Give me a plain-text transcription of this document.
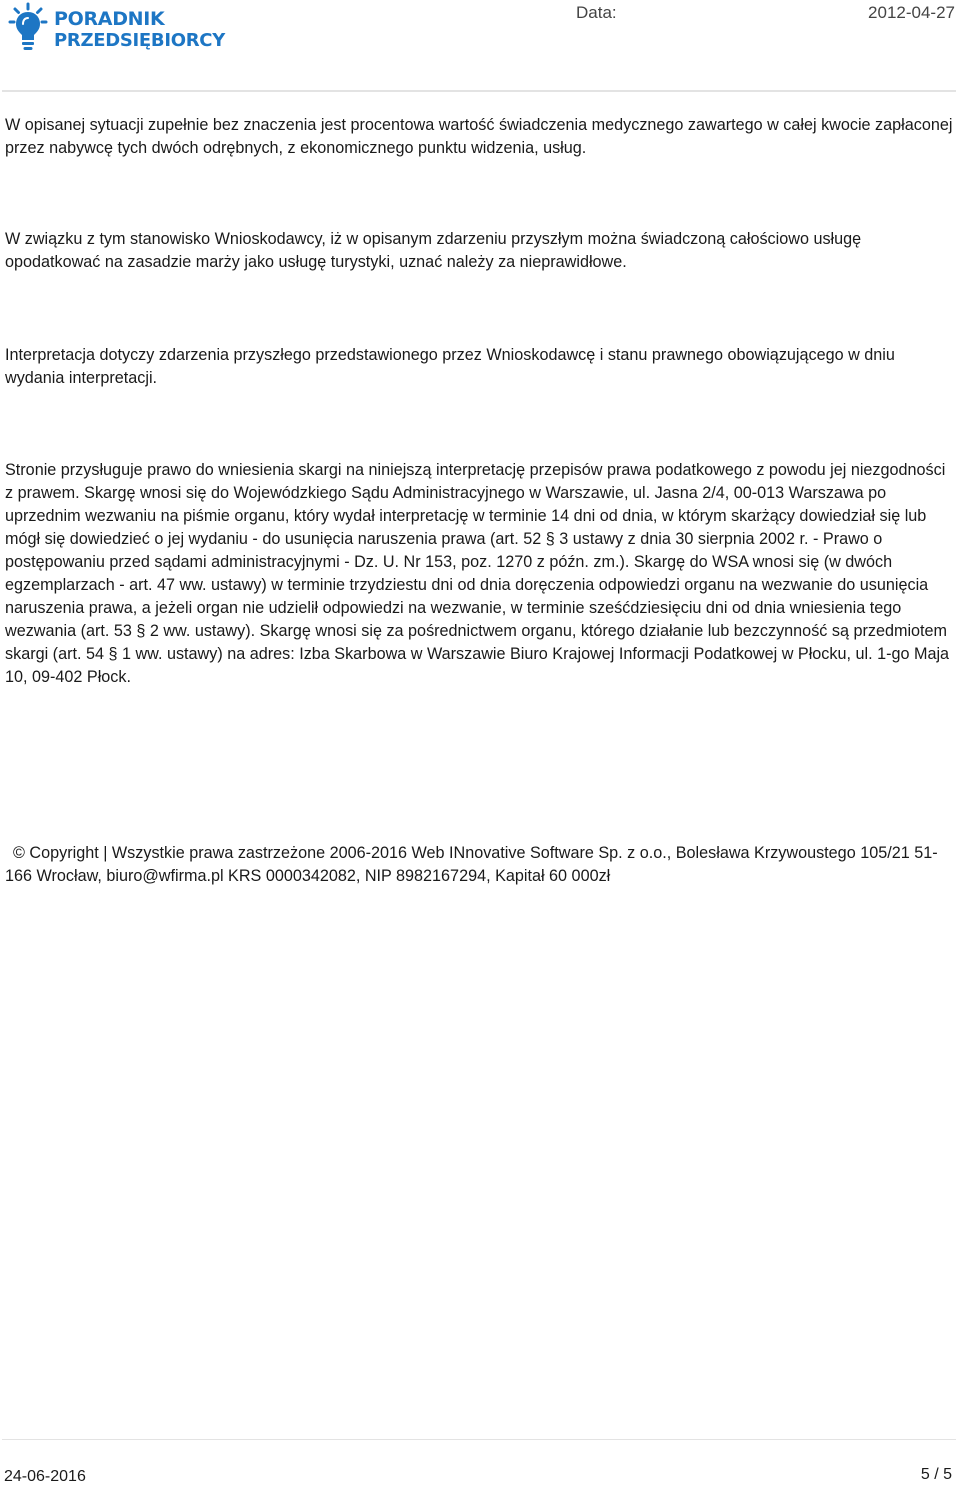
PORADNIK
PRZEDSIĘBIORCY
Data:	2012-04-27

W opisanej sytuacji zupełnie bez znaczenia jest procentowa wartość świadczenia medycznego zawartego w całej kwocie zapłaconej przez nabywcę tych dwóch odrębnych, z ekonomicznego punktu widzenia, usług.

W związku z tym stanowisko Wnioskodawcy, iż w opisanym zdarzeniu przyszłym można świadczoną całościowo usługę opodatkować na zasadzie marży jako usługę turystyki, uznać należy za nieprawidłowe.

Interpretacja dotyczy zdarzenia przyszłego przedstawionego przez Wnioskodawcę i stanu prawnego obowiązującego w dniu wydania interpretacji.

Stronie przysługuje prawo do wniesienia skargi na niniejszą interpretację przepisów prawa podatkowego z powodu jej niezgodności z prawem. Skargę wnosi się do Wojewódzkiego Sądu Administracyjnego w Warszawie, ul. Jasna 2/4, 00-013 Warszawa po uprzednim wezwaniu na piśmie organu, który wydał interpretację w terminie 14 dni od dnia, w którym skarżący dowiedział się lub mógł się dowiedzieć o jej wydaniu - do usunięcia naruszenia prawa (art. 52 § 3 ustawy z dnia 30 sierpnia 2002 r. - Prawo o postępowaniu przed sądami administracyjnymi - Dz. U. Nr 153, poz. 1270 z późn. zm.). Skargę do WSA wnosi się (w dwóch egzemplarzach - art. 47 ww. ustawy) w terminie trzydziestu dni od dnia doręczenia odpowiedzi organu na wezwanie do usunięcia naruszenia prawa, a jeżeli organ nie udzielił odpowiedzi na wezwanie, w terminie sześćdziesięciu dni od dnia wniesienia tego wezwania (art. 53 § 2 ww. ustawy). Skargę wnosi się za pośrednictwem organu, którego działanie lub bezczynność są przedmiotem skargi (art. 54 § 1 ww. ustawy) na adres: Izba Skarbowa w Warszawie Biuro Krajowej Informacji Podatkowej w Płocku, ul. 1-go Maja 10, 09-402 Płock.

© Copyright | Wszystkie prawa zastrzeżone 2006-2016 Web INnovative Software Sp. z o.o., Bolesława Krzywoustego 105/21 51-166 Wrocław, biuro@wfirma.pl KRS 0000342082, NIP 8982167294, Kapitał 60 000zł
24-06-2016	5 / 5
